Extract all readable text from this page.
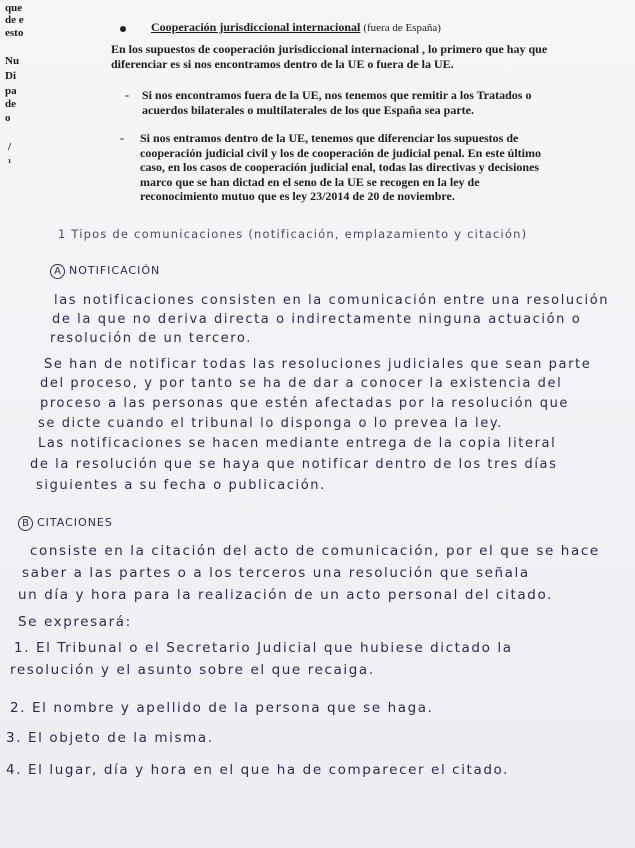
que
de e
esto
Nu
Di
pa
de
o
/
¹
Cooperación jurisdiccional internacional (fuera de España)
En los supuestos de cooperación jurisdiccional internacional , lo primero que hay que
diferenciar es si nos encontramos dentro de la UE o fuera de la UE.
- Si nos encontramos fuera de la UE, nos tenemos que remitir a los Tratados o
acuerdos bilaterales o multilaterales de los que España sea parte.
- Si nos entramos dentro de la UE, tenemos que diferenciar los supuestos de
cooperación judicial civil y los de cooperación de judicial penal. En este último
caso, en los casos de cooperación judicial enal, todas las directivas y decisiones
marco que se han dictad en el seno de la UE se recogen en la ley de
reconocimiento mutuo que es ley 23/2014 de 20 de noviembre.
1 Tipos de comunicaciones (notificación, emplazamiento y citación)
A NOTIFICACIÓN
las notificaciones consisten en la comunicación entre una resolución
de la que no deriva directa o indirectamente ninguna actuación o
resolución de un tercero.
Se han de notificar todas las resoluciones judiciales que sean parte
del proceso, y por tanto se ha de dar a conocer la existencia del
proceso a las personas que estén afectadas por la resolución que
se dicte cuando el tribunal lo disponga o lo prevea la ley.
Las notificaciones se hacen mediante entrega de la copia literal
de la resolución que se haya que notificar dentro de los tres días
siguientes a su fecha o publicación.
B CITACIONES
consiste en la citación del acto de comunicación, por el que se hace
saber a las partes o a los terceros una resolución que señala
un día y hora para la realización de un acto personal del citado.
Se expresará:
1. El Tribunal o el Secretario Judicial que hubiese dictado la
resolución y el asunto sobre el que recaiga.
2. El nombre y apellido de la persona que se haga.
3. El objeto de la misma.
4. El lugar, día y hora en el que ha de comparecer el citado.
